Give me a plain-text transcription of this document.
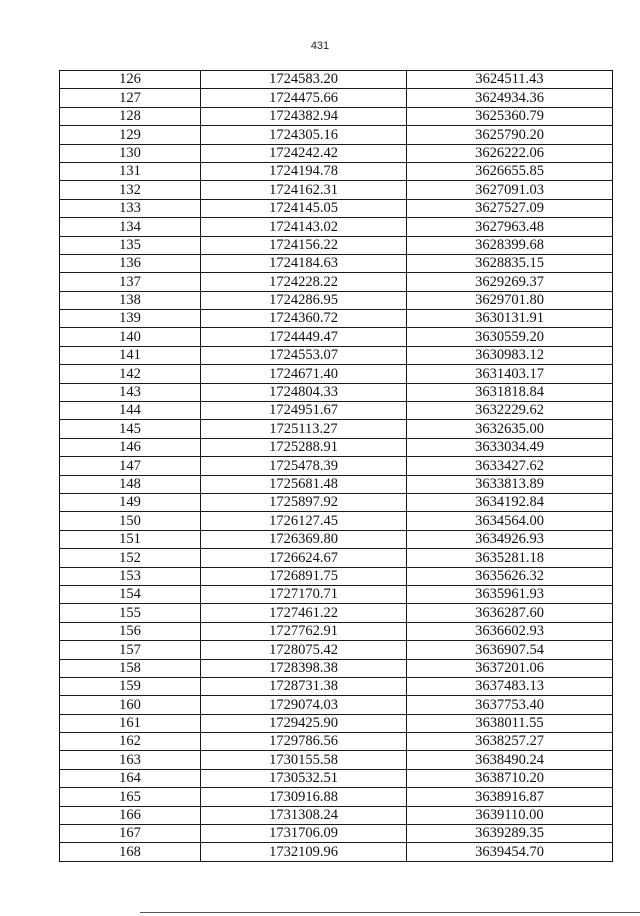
431
126	1724583.20	3624511.43
127	1724475.66	3624934.36
128	1724382.94	3625360.79
129	1724305.16	3625790.20
130	1724242.42	3626222.06
131	1724194.78	3626655.85
132	1724162.31	3627091.03
133	1724145.05	3627527.09
134	1724143.02	3627963.48
135	1724156.22	3628399.68
136	1724184.63	3628835.15
137	1724228.22	3629269.37
138	1724286.95	3629701.80
139	1724360.72	3630131.91
140	1724449.47	3630559.20
141	1724553.07	3630983.12
142	1724671.40	3631403.17
143	1724804.33	3631818.84
144	1724951.67	3632229.62
145	1725113.27	3632635.00
146	1725288.91	3633034.49
147	1725478.39	3633427.62
148	1725681.48	3633813.89
149	1725897.92	3634192.84
150	1726127.45	3634564.00
151	1726369.80	3634926.93
152	1726624.67	3635281.18
153	1726891.75	3635626.32
154	1727170.71	3635961.93
155	1727461.22	3636287.60
156	1727762.91	3636602.93
157	1728075.42	3636907.54
158	1728398.38	3637201.06
159	1728731.38	3637483.13
160	1729074.03	3637753.40
161	1729425.90	3638011.55
162	1729786.56	3638257.27
163	1730155.58	3638490.24
164	1730532.51	3638710.20
165	1730916.88	3638916.87
166	1731308.24	3639110.00
167	1731706.09	3639289.35
168	1732109.96	3639454.70
